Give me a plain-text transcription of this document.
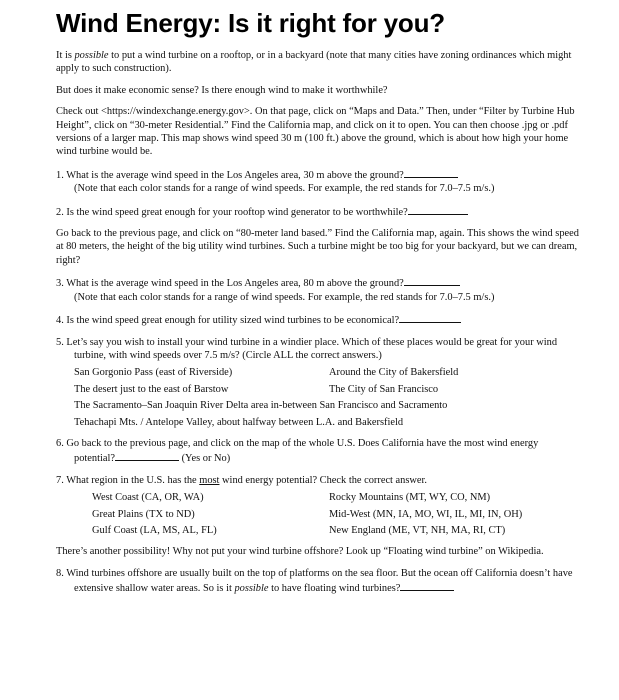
Wind Energy: Is it right for you?

It is possible to put a wind turbine on a rooftop, or in a backyard (note that many cities have zoning ordinances which might apply to such construction).

But does it make economic sense? Is there enough wind to make it worthwhile?

Check out <https://windexchange.energy.gov>. On that page, click on “Maps and Data.” Then, under “Filter by Turbine Hub Height”, click on “30-meter Residential.” Find the California map, and click on it to open. You can then choose .jpg or .pdf versions of a larger map. This map shows wind speed 30 m (100 ft.) above the ground, which is about how high your home wind turbine would be.

1. What is the average wind speed in the Los Angeles area, 30 m above the ground?
(Note that each color stands for a range of wind speeds. For example, the red stands for 7.0–7.5 m/s.)
2. Is the wind speed great enough for your rooftop wind generator to be worthwhile?

Go back to the previous page, and click on “80-meter land based.” Find the California map, again. This shows the wind speed at 80 meters, the height of the big utility wind turbines. Such a turbine might be too big for your backyard, but we can dream, right?

3. What is the average wind speed in the Los Angeles area, 80 m above the ground?
(Note that each color stands for a range of wind speeds. For example, the red stands for 7.0–7.5 m/s.)
4. Is the wind speed great enough for utility sized wind turbines to be economical?
5. Let’s say you wish to install your wind turbine in a windier place. Which of these places would be great for your wind turbine, with wind speeds over 7.5 m/s? (Circle ALL the correct answers.)
San Gorgonio Pass (east of Riverside)	Around the City of Bakersfield
The desert just to the east of Barstow	The City of San Francisco
The Sacramento–San Joaquin River Delta area in-between San Francisco and Sacramento
Tehachapi Mts. / Antelope Valley, about halfway between L.A. and Bakersfield
6. Go back to the previous page, and click on the map of the whole U.S. Does California have the most wind energy potential?	(Yes or No)
7. What region in the U.S. has the most wind energy potential? Check the correct answer.
West Coast (CA, OR, WA)	Rocky Mountains (MT, WY, CO, NM)
Great Plains (TX to ND)	Mid-West (MN, IA, MO, WI, IL, MI, IN, OH)
Gulf Coast (LA, MS, AL, FL)	New England (ME, VT, NH, MA, RI, CT)

There’s another possibility! Why not put your wind turbine offshore? Look up “Floating wind turbine” on Wikipedia.

8. Wind turbines offshore are usually built on the top of platforms on the sea floor. But the ocean off California doesn’t have extensive shallow water areas. So is it possible to have floating wind turbines?
